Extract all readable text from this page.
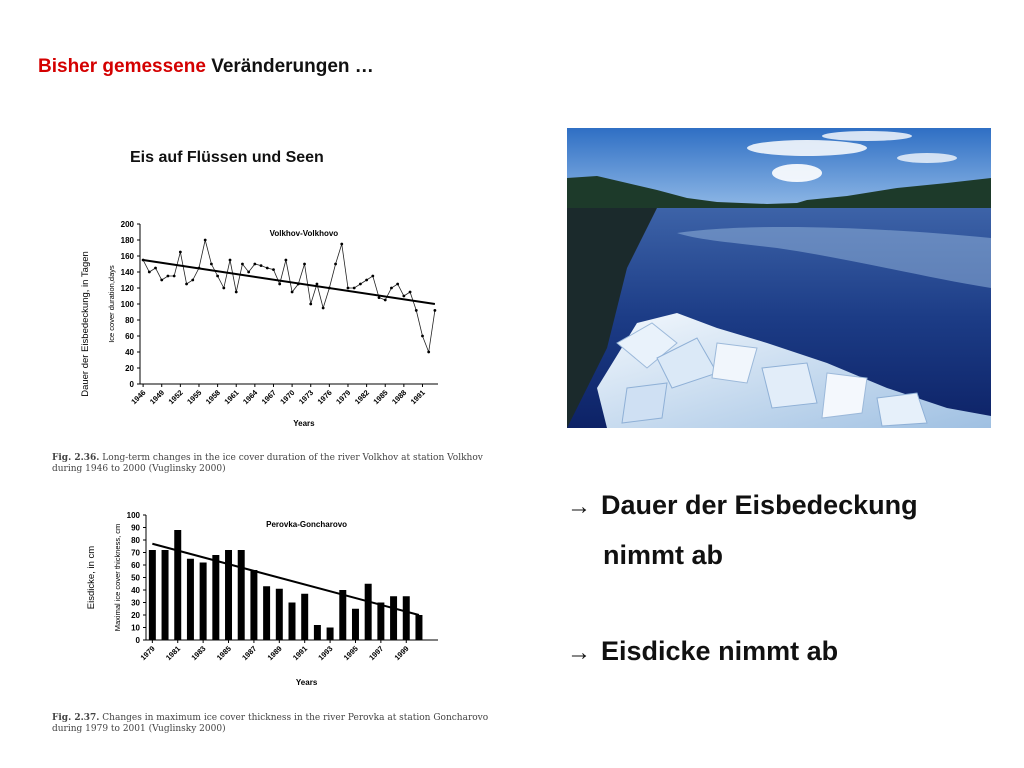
Bisher gemessene Veränderungen …
Eis auf Flüssen und Seen
0
20
40
60
80
100
120
140
160
180
200
1946 1949 1952 1955 1958 1961 1964 1967 1970 1973 1976 1979 1982 1985 1988 1991
Volkhov-Volkhovo
Years
Ice cover duration,days
Dauer der Eisbedeckung, in Tagen
Fig. 2.36. Long-term changes in the ice cover duration of the river Volkhov at station Volkhov during 1946 to 2000 (Vuglinsky 2000)
0
10
20
30
40
50
60
70
80
90
100
1979 1981 1983 1985 1987 1989 1991 1993 1995 1997 1999
Perovka-Goncharovo
Years
Maximal ice cover thickness, cm
Eisdicke, in cm
Fig. 2.37. Changes in maximum ice cover thickness in the river Perovka at station Goncharovo during 1979 to 2001 (Vuglinsky 2000)
→ Dauer der Eisbedeckung
nimmt ab
→ Eisdicke nimmt ab
